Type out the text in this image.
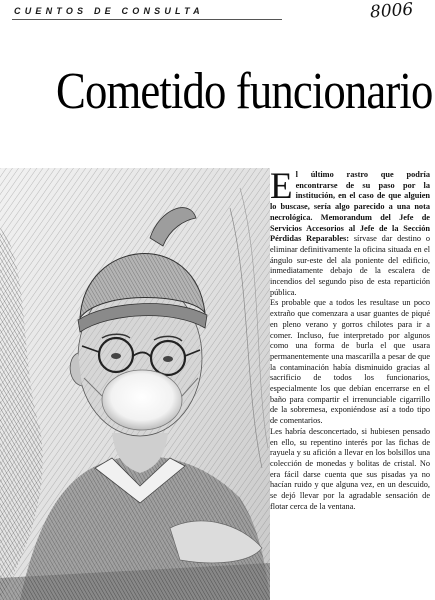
CUENTOS DE CONSULTA	8006
Cometido funcionario

El último rastro que podría encontrarse de su paso por la institución, en el caso de que alguien lo buscase, sería algo parecido a una nota necrológica. Memorandum del Jefe de Servicios Accesorios al Jefe de la Sección Pérdidas Reparables: sírvase dar destino o eliminar definitivamente la oficina situada en el ángulo sur-este del ala poniente del edificio, inmediatamente debajo de la escalera de incendios del segundo piso de esta repartición pública.

Es probable que a todos les resultase un poco extraño que comenzara a usar guantes de piqué en pleno verano y gorros chilotes para ir a comer. Incluso, fue interpretado por algunos como una forma de burla el que usara permanentemente una mascarilla a pesar de que la contaminación había disminuido gracias al sacrificio de todos los funcionarios, especialmente los que debían encerrarse en el baño para compartir el irrenunciable cigarrillo de la sobremesa, exponiéndose así a todo tipo de comentarios.

Les habría desconcertado, si hubiesen pensado en ello, su repentino interés por las fichas de rayuela y su afición a llevar en los bolsillos una colección de monedas y bolitas de cristal. No era fácil darse cuenta que sus pisadas ya no hacían ruido y que alguna vez, en un descuido, se dejó llevar por la agradable sensación de flotar cerca de la ventana.
